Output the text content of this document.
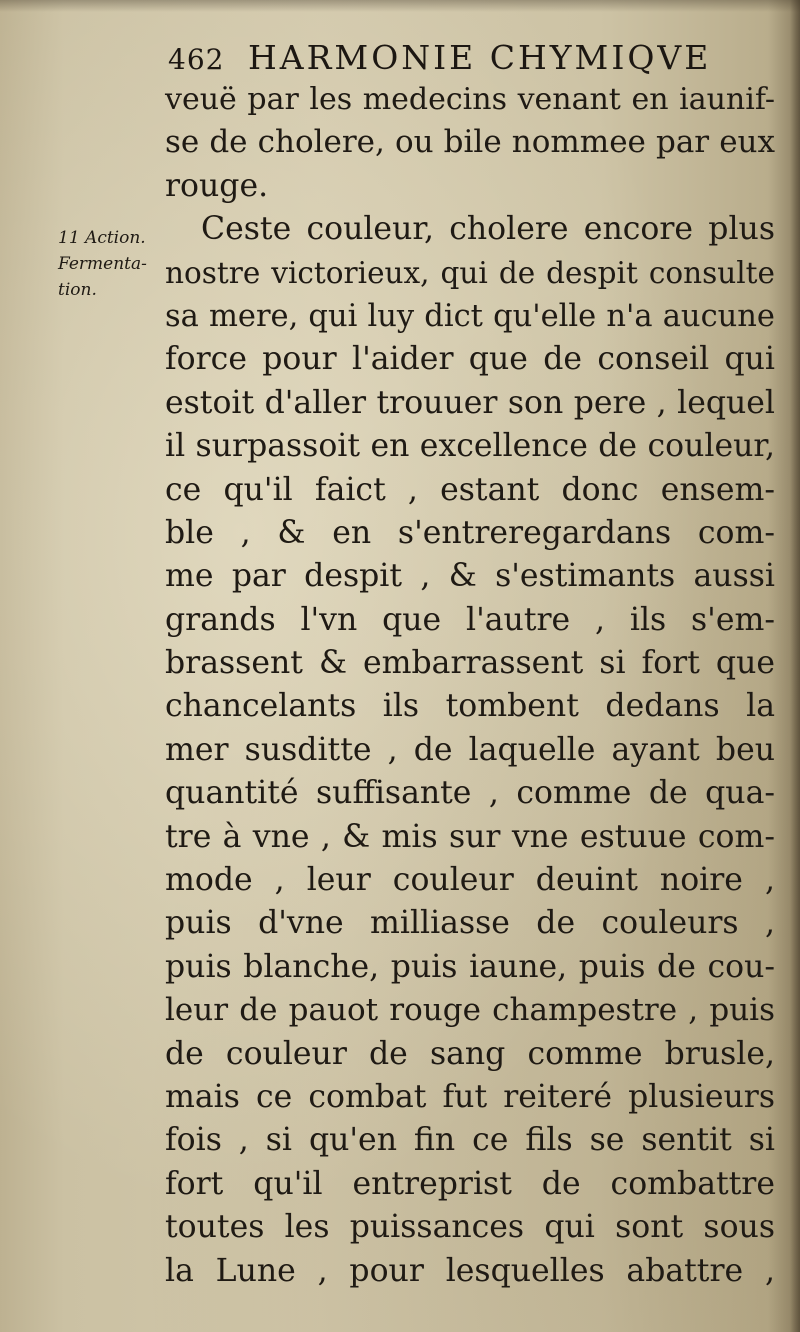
462 HARMONIE CHYMIQVE
11 Action.
Fermenta-
tion.
veuë par les medecins venant en iaunif-
se de cholere, ou bile nommee par eux
rouge.
Ceste couleur, cholere encore plus
nostre victorieux, qui de despit consulte
sa mere, qui luy dict qu'elle n'a aucune
force pour l'aider que de conseil qui
estoit d'aller trouuer son pere , lequel
il surpassoit en excellence de couleur,
ce qu'il faict , estant donc ensem-
ble , & en s'entreregardans com-
me par despit , & s'estimants aussi
grands l'vn que l'autre , ils s'em-
brassent & embarrassent si fort que
chancelants ils tombent dedans la
mer susditte , de laquelle ayant beu
quantité suffisante , comme de qua-
tre à vne , & mis sur vne estuue com-
mode , leur couleur deuint noire ,
puis d'vne milliasse de couleurs ,
puis blanche, puis iaune, puis de cou-
leur de pauot rouge champestre , puis
de couleur de sang comme brusle,
mais ce combat fut reiteré plusieurs
fois , si qu'en fin ce fils se sentit si
fort qu'il entreprist de combattre
toutes les puissances qui sont sous
la Lune , pour lesquelles abattre ,
